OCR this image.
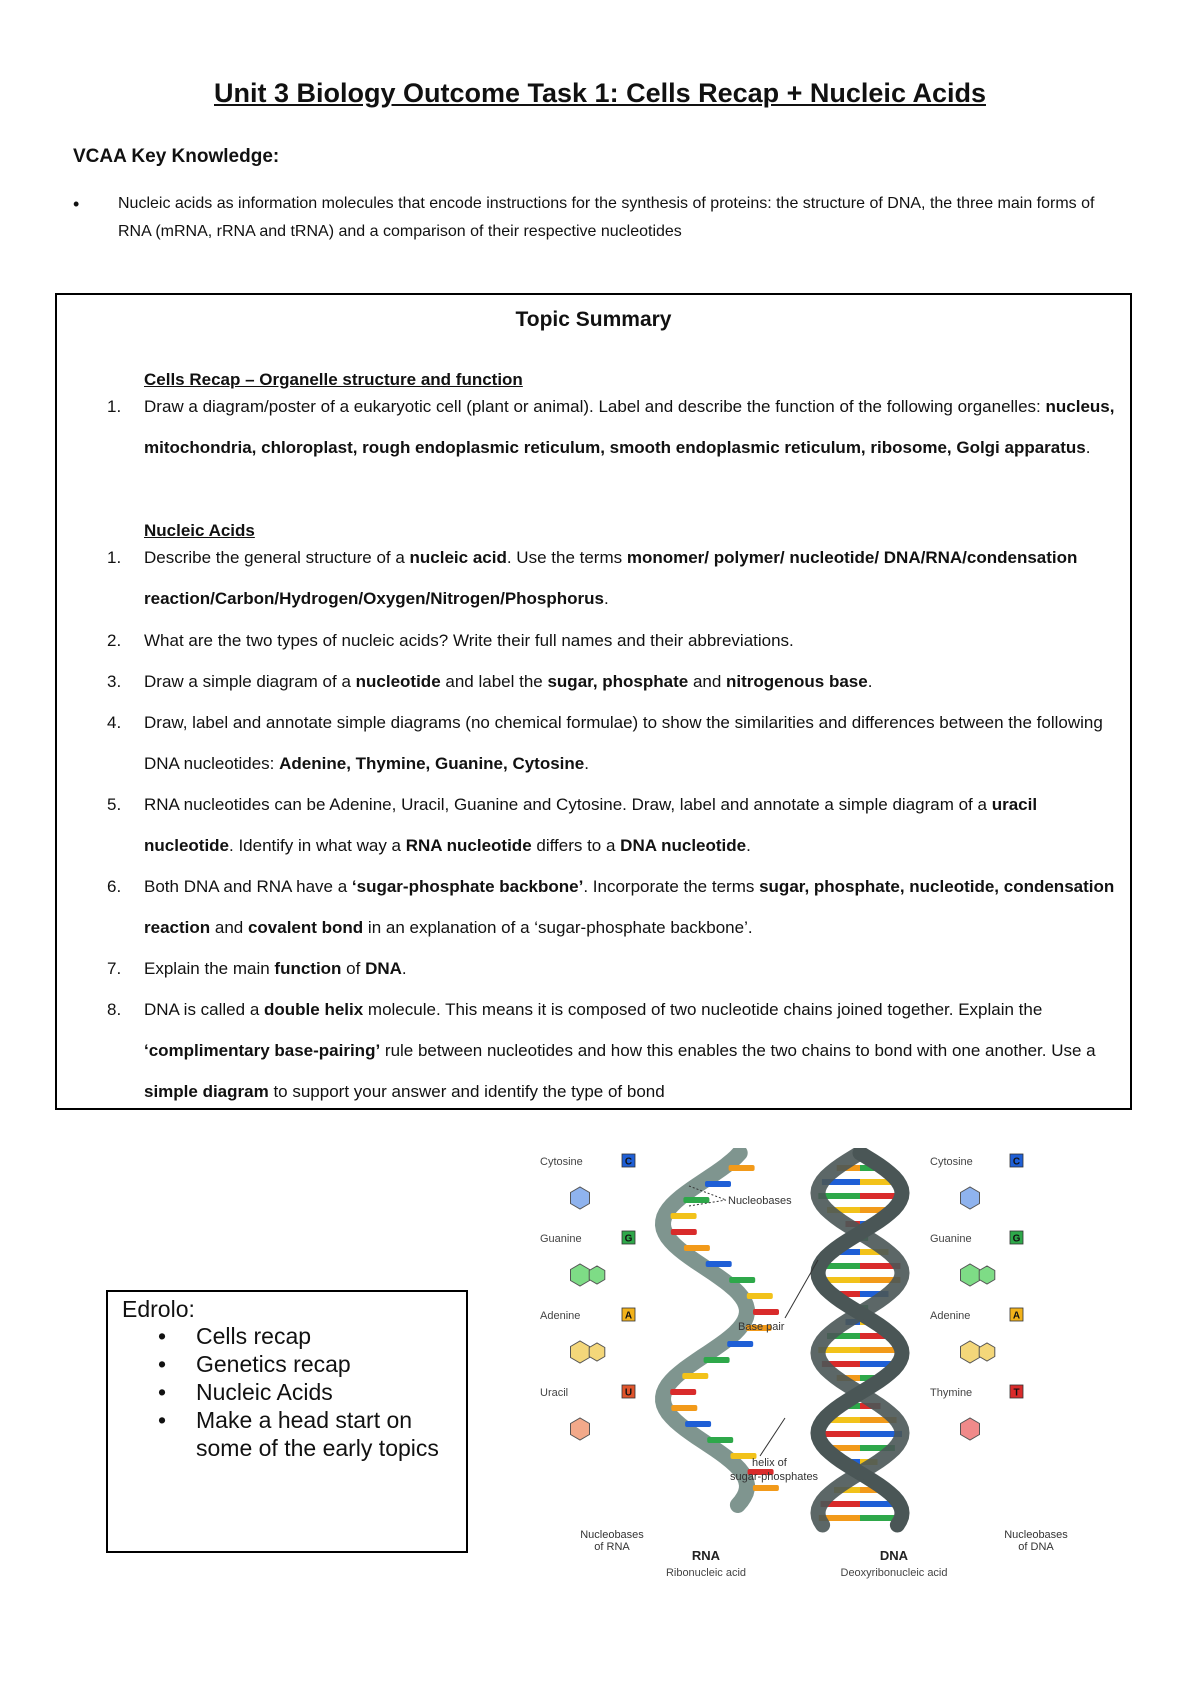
Unit 3 Biology Outcome Task 1: Cells Recap + Nucleic Acids
VCAA Key Knowledge:
• Nucleic acids as information molecules that encode instructions for the synthesis of proteins: the structure of DNA, the three main forms of RNA (mRNA, rRNA and tRNA) and a comparison of their respective nucleotides
Topic Summary
Cells Recap – Organelle structure and function
1.	Draw a diagram/poster of a eukaryotic cell (plant or animal). Label and describe the function of the following organelles: nucleus, mitochondria, chloroplast, rough endoplasmic reticulum, smooth endoplasmic reticulum, ribosome, Golgi apparatus.
Nucleic Acids
1.	Describe the general structure of a nucleic acid. Use the terms monomer/ polymer/ nucleotide/ DNA/RNA/condensation reaction/Carbon/Hydrogen/Oxygen/Nitrogen/Phosphorus.
2.	What are the two types of nucleic acids? Write their full names and their abbreviations.
3.	Draw a simple diagram of a nucleotide and label the sugar, phosphate and nitrogenous base.
4.	Draw, label and annotate simple diagrams (no chemical formulae) to show the similarities and differences between the following DNA nucleotides: Adenine, Thymine, Guanine, Cytosine.
5.	RNA nucleotides can be Adenine, Uracil, Guanine and Cytosine. Draw, label and annotate a simple diagram of a uracil nucleotide. Identify in what way a RNA nucleotide differs to a DNA nucleotide.
6.	Both DNA and RNA have a ‘sugar-phosphate backbone’. Incorporate the terms sugar, phosphate, nucleotide, condensation reaction and covalent bond in an explanation of a ‘sugar-phosphate backbone’.
7.	Explain the main function of DNA.
8.	DNA is called a double helix molecule. This means it is composed of two nucleotide chains joined together. Explain the ‘complimentary base-pairing’ rule between nucleotides and how this enables the two chains to bond with one another. Use a simple diagram to support your answer and identify the type of bond
Edrolo:
• Cells recap
• Genetics recap
• Nucleic Acids
• Make a head start on some of the early topics
Cytosine	C
Guanine	G
Adenine	A
Uracil	U
Cytosine	C
Guanine	G
Adenine	A
Thymine	T
Nucleobases
Base pair
helix of
sugar-phosphates
Nucleobases
of RNA
Nucleobases
of DNA
RNA
Ribonucleic acid
DNA
Deoxyribonucleic acid
